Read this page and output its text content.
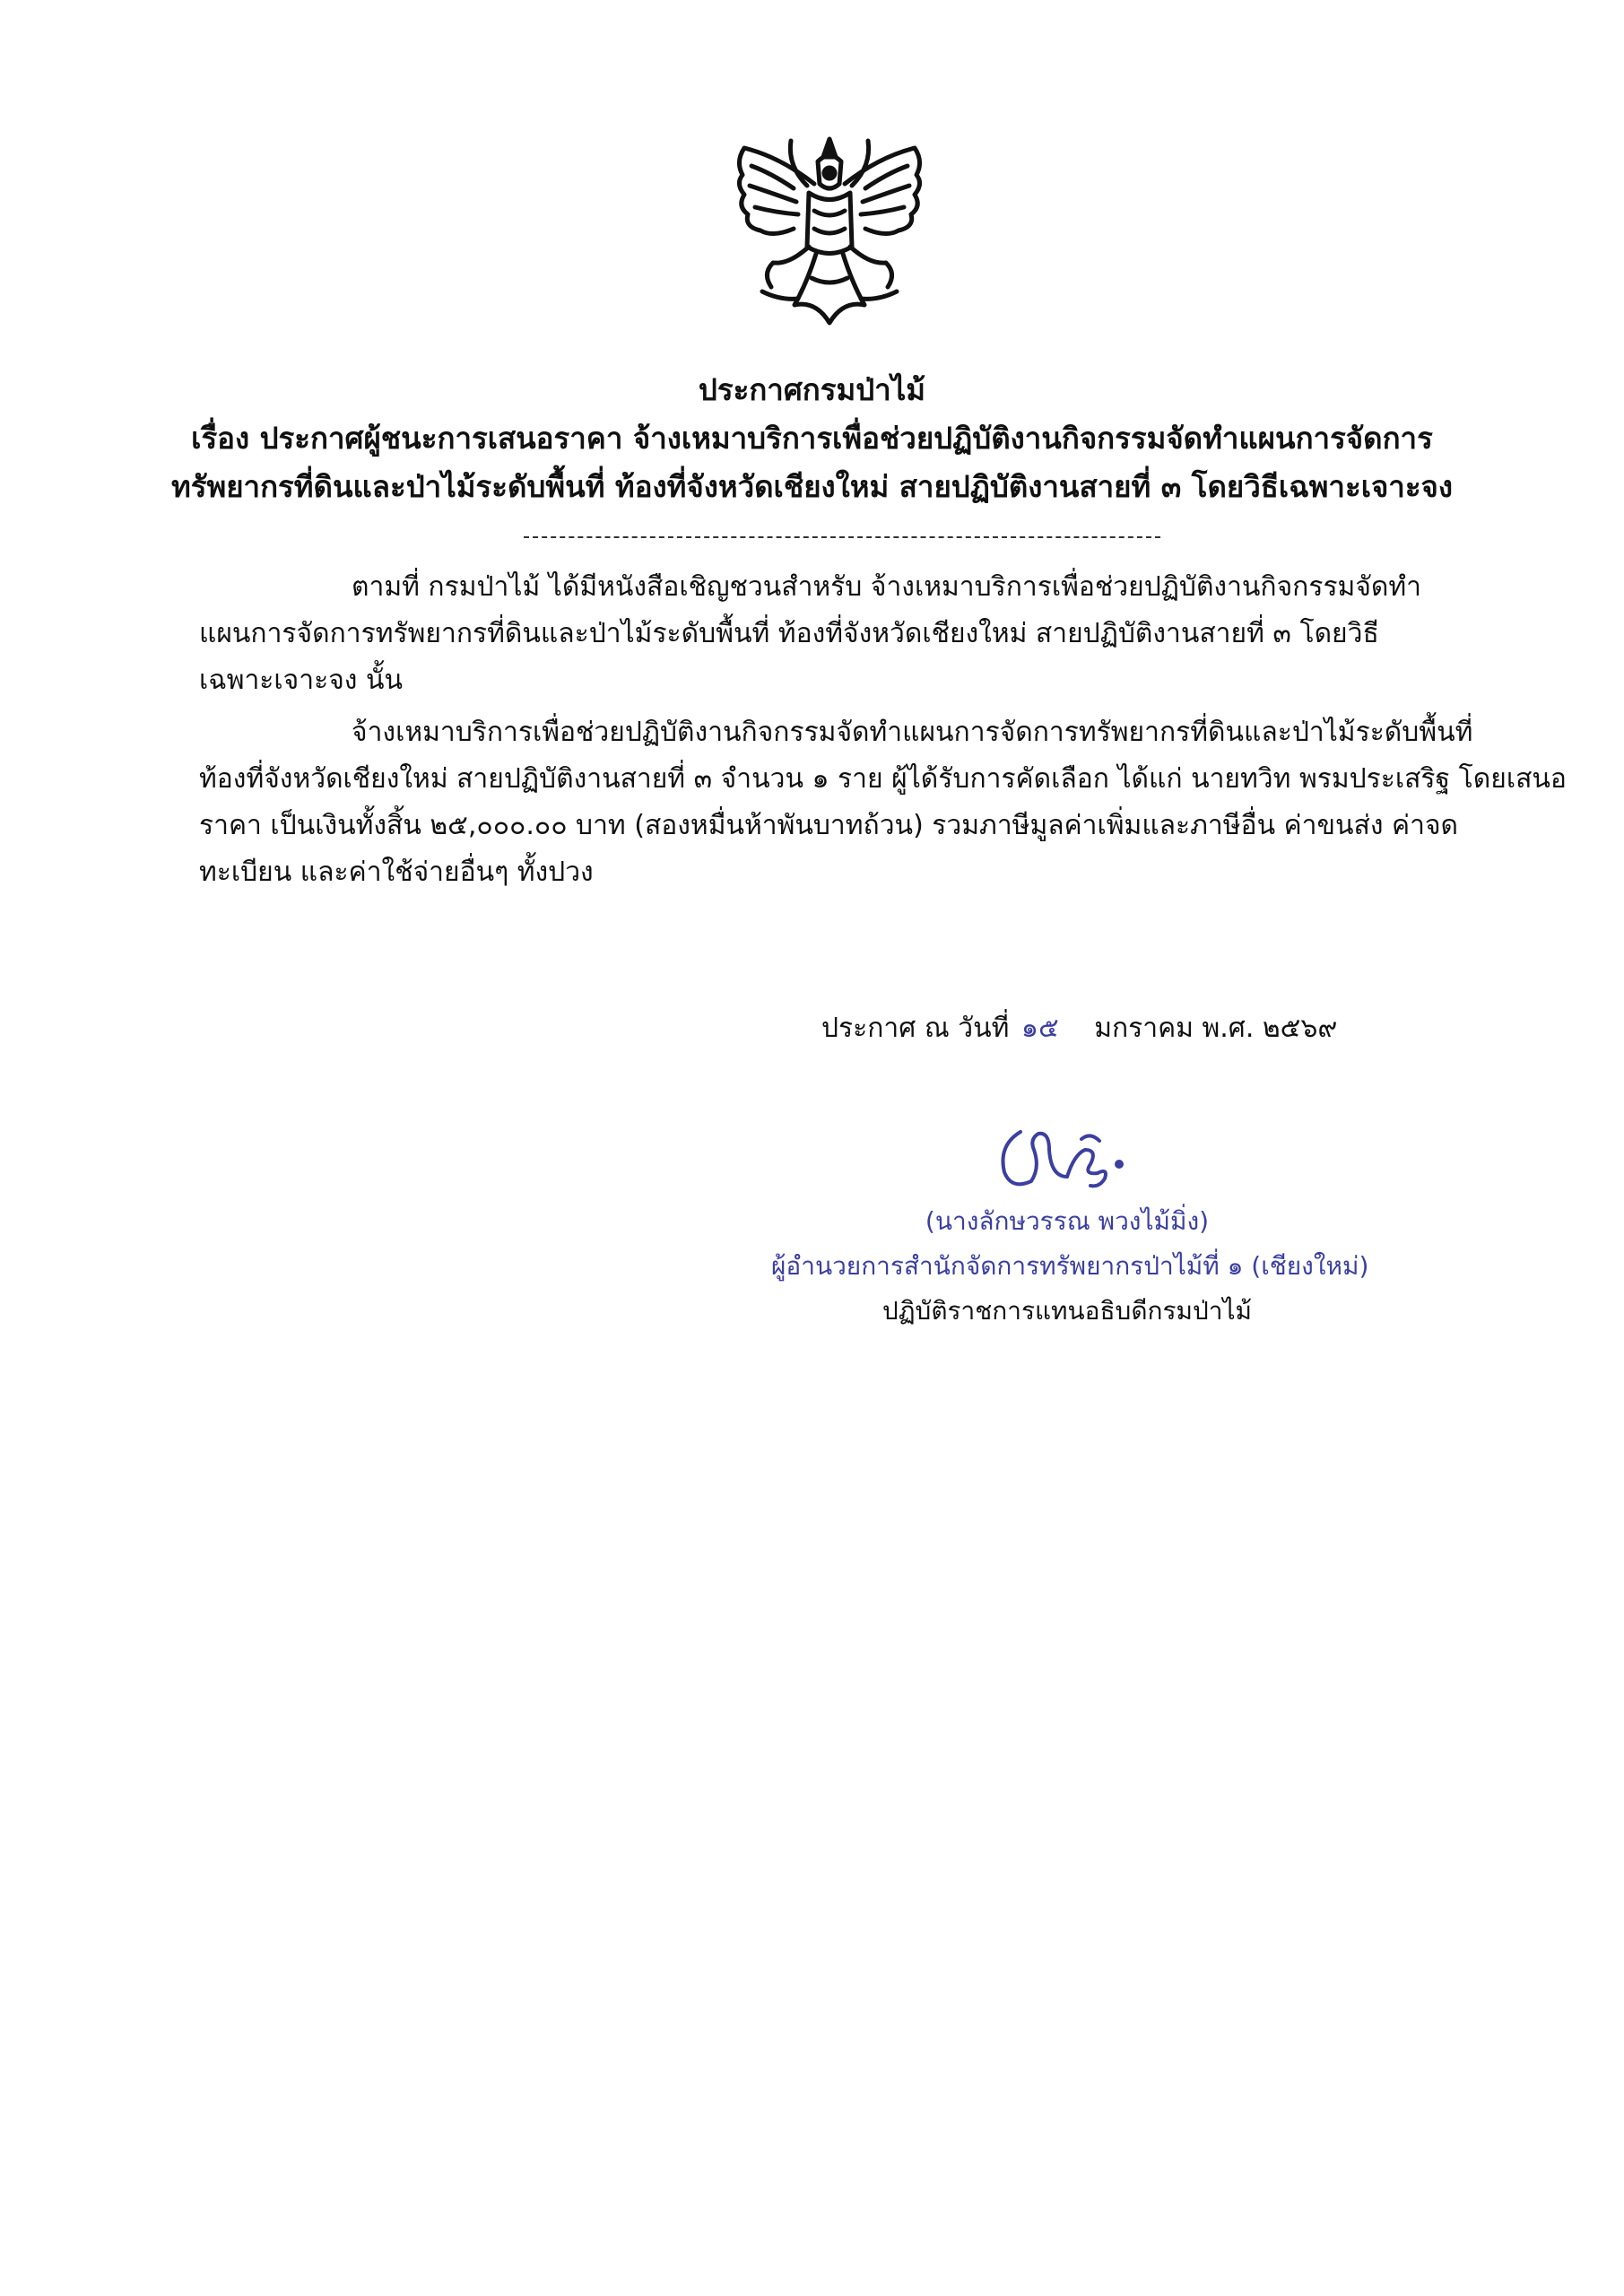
ประกาศกรมป่าไม้
เรื่อง ประกาศผู้ชนะการเสนอราคา จ้างเหมาบริการเพื่อช่วยปฏิบัติงานกิจกรรมจัดทำแผนการจัดการ
ทรัพยากรที่ดินและป่าไม้ระดับพื้นที่ ท้องที่จังหวัดเชียงใหม่ สายปฏิบัติงานสายที่ ๓ โดยวิธีเฉพาะเจาะจง
ตามที่ กรมป่าไม้ ได้มีหนังสือเชิญชวนสำหรับ จ้างเหมาบริการเพื่อช่วยปฏิบัติงานกิจกรรมจัดทำ
แผนการจัดการทรัพยากรที่ดินและป่าไม้ระดับพื้นที่ ท้องที่จังหวัดเชียงใหม่ สายปฏิบัติงานสายที่ ๓ โดยวิธี
เฉพาะเจาะจง นั้น
จ้างเหมาบริการเพื่อช่วยปฏิบัติงานกิจกรรมจัดทำแผนการจัดการทรัพยากรที่ดินและป่าไม้ระดับพื้นที่
ท้องที่จังหวัดเชียงใหม่ สายปฏิบัติงานสายที่ ๓ จำนวน ๑ ราย ผู้ได้รับการคัดเลือก ได้แก่ นายทวิท พรมประเสริฐ โดยเสนอ
ราคา เป็นเงินทั้งสิ้น ๒๕,๐๐๐.๐๐ บาท (สองหมื่นห้าพันบาทถ้วน) รวมภาษีมูลค่าเพิ่มและภาษีอื่น ค่าขนส่ง ค่าจด
ทะเบียน และค่าใช้จ่ายอื่นๆ ทั้งปวง
ประกาศ ณ วันที่ ๑๕ มกราคม พ.ศ. ๒๕๖๙
(นางลักษวรรณ พวงไม้มิ่ง)
ผู้อำนวยการสำนักจัดการทรัพยากรป่าไม้ที่ ๑ (เชียงใหม่)
ปฏิบัติราชการแทนอธิบดีกรมป่าไม้
